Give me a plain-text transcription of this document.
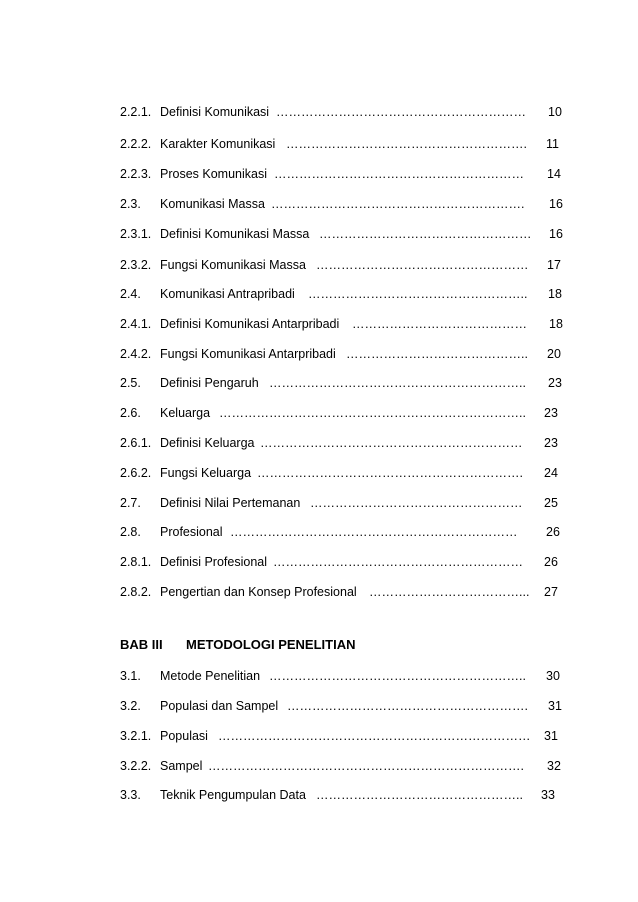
2.2.1. Definisi Komunikasi ……………………………………………………	10
2.2.2. Karakter Komunikasi ………………………………………………….	11
2.2.3. Proses Komunikasi ……………………………………………………	14
2.3. Komunikasi Massa …………………………………………………….	16
2.3.1. Definisi Komunikasi Massa ……………………………………………	16
2.3.2. Fungsi Komunikasi Massa ……………………………………………	17
2.4. Komunikasi Antrapribadi ……………………………………………..	18
2.4.1. Definisi Komunikasi Antarpribadi ……………………………………	18
2.4.2. Fungsi Komunikasi Antarpribadi ……………………………………..	20
2.5. Definisi Pengaruh ……………………………………………………..	23
2.6. Keluarga ………………………………………………………………..	23
2.6.1. Definisi Keluarga ………………………………………………………	23
2.6.2. Fungsi Keluarga ……………………………………………………….	24
2.7. Definisi Nilai Pertemanan ……………………………………………	25
2.8. Profesional ……………………………………………………………	26
2.8.1. Definisi Profesional ……………………………………………………	26
2.8.2. Pengertian dan Konsep Profesional ………………………………...	27
BAB III METODOLOGI PENELITIAN
3.1. Metode Penelitian ……………………………………………………..	30
3.2. Populasi dan Sampel ………………………………………………….	31
3.2.1. Populasi …………………………………………………………………	31
3.2.2. Sampel ………………………………………………………………….	32
3.3. Teknik Pengumpulan Data …………………………………………..	33
